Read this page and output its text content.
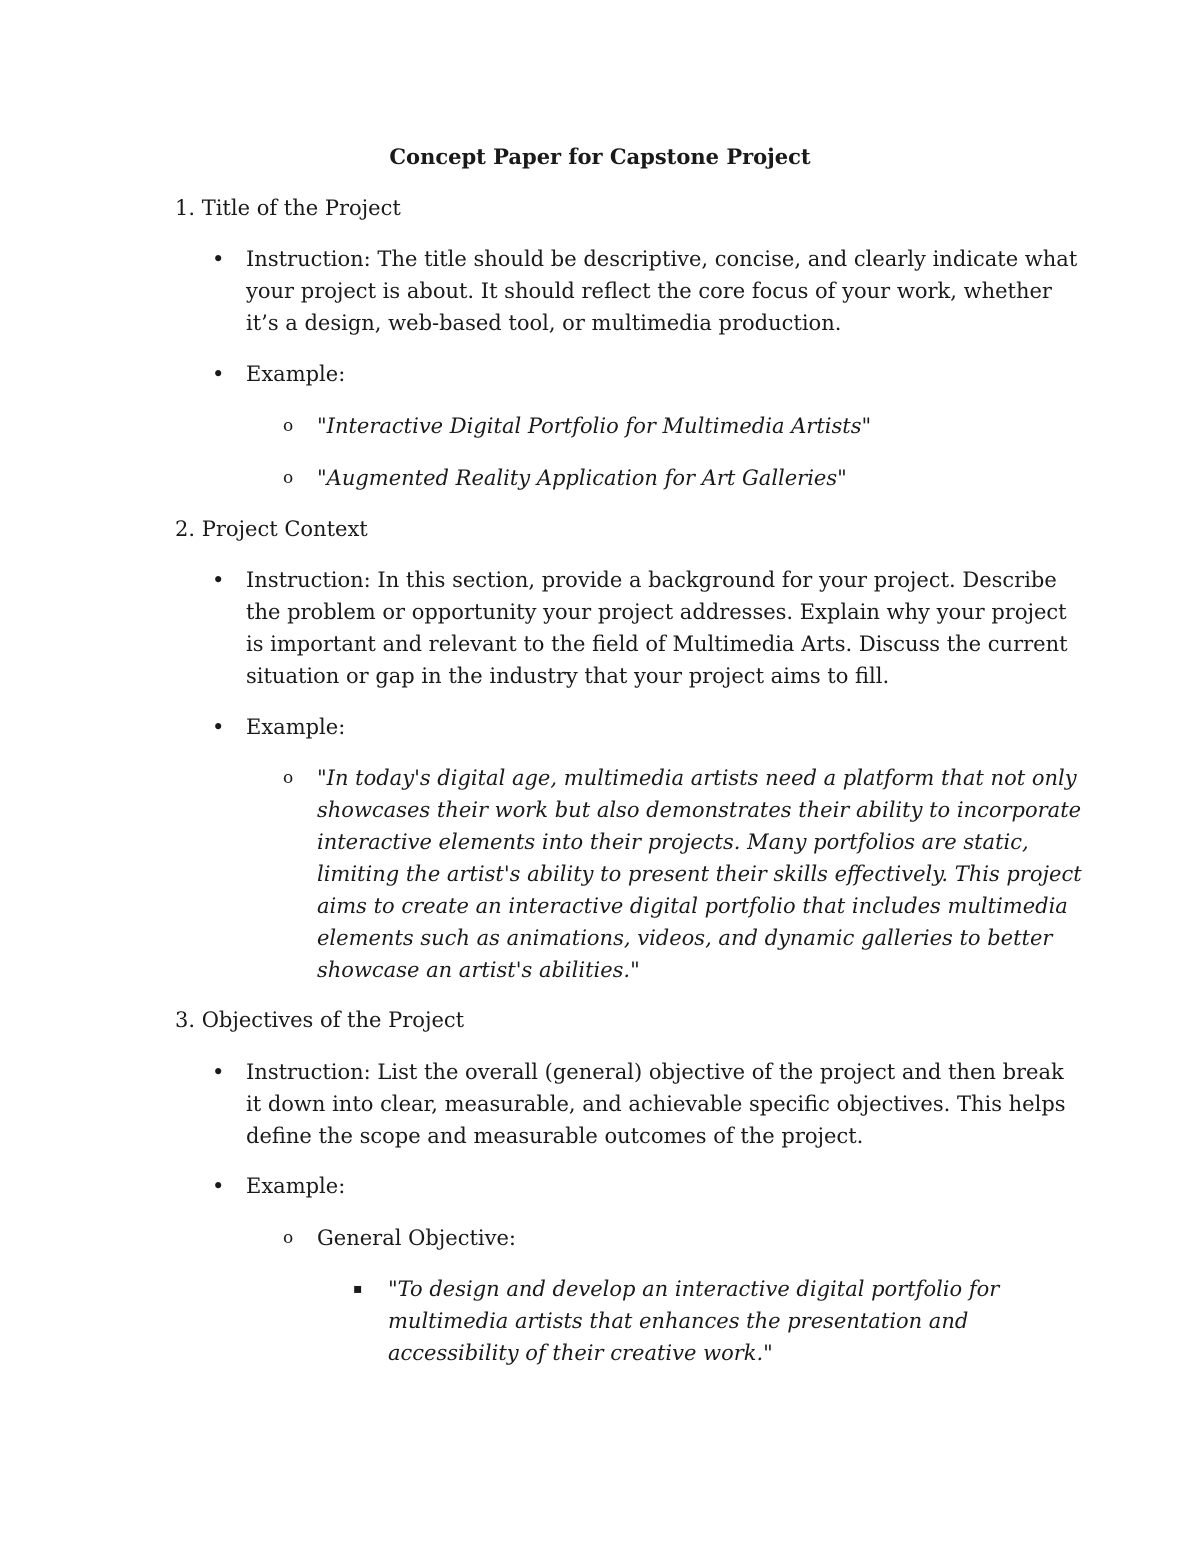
Concept Paper for Capstone Project

1. Title of the Project

•	Instruction: The title should be descriptive, concise, and clearly indicate what
your project is about. It should reflect the core focus of your work, whether
it’s a design, web-based tool, or multimedia production.

•	Example:

o	"Interactive Digital Portfolio for Multimedia Artists"

o	"Augmented Reality Application for Art Galleries"

2. Project Context

•	Instruction: In this section, provide a background for your project. Describe
the problem or opportunity your project addresses. Explain why your project
is important and relevant to the field of Multimedia Arts. Discuss the current
situation or gap in the industry that your project aims to fill.

•	Example:

o	"In today's digital age, multimedia artists need a platform that not only
showcases their work but also demonstrates their ability to incorporate
interactive elements into their projects. Many portfolios are static,
limiting the artist's ability to present their skills effectively. This project
aims to create an interactive digital portfolio that includes multimedia
elements such as animations, videos, and dynamic galleries to better
showcase an artist's abilities."

3. Objectives of the Project

•	Instruction: List the overall (general) objective of the project and then break
it down into clear, measurable, and achievable specific objectives. This helps
define the scope and measurable outcomes of the project.

•	Example:

o	General Objective:

▪	"To design and develop an interactive digital portfolio for
multimedia artists that enhances the presentation and
accessibility of their creative work."
